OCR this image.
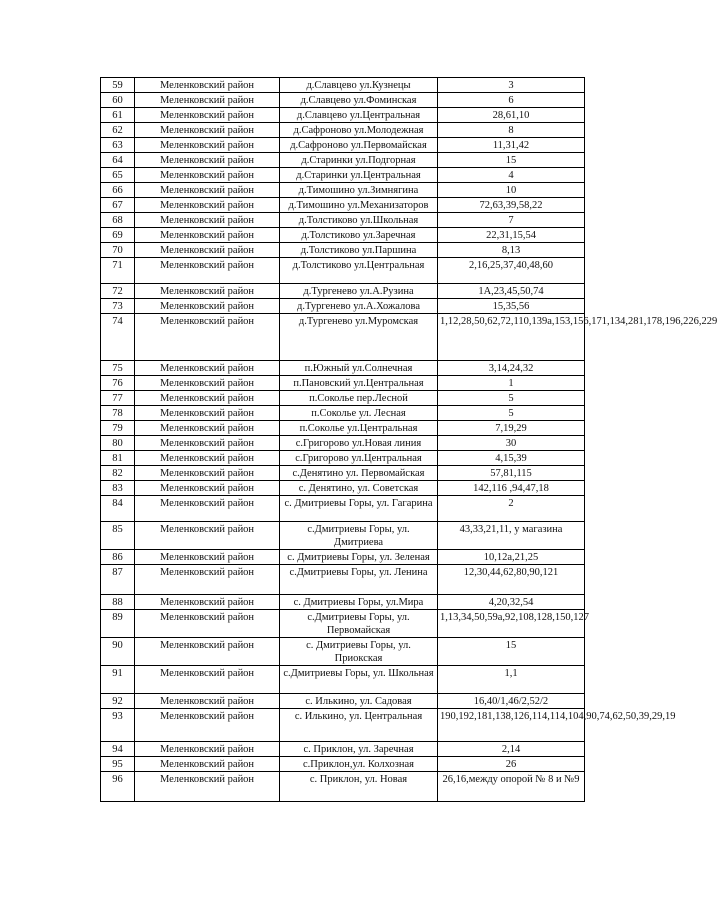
59	Меленковский район	д.Славцево ул.Кузнецы	3
60	Меленковский район	д.Славцево ул.Фоминская	6
61	Меленковский район	д.Славцево ул.Центральная	28,61,10
62	Меленковский район	д.Сафроново ул.Молодежная	8
63	Меленковский район	д.Сафроново ул.Первомайская	11,31,42
64	Меленковский район	д.Старинки ул.Подгорная	15
65	Меленковский район	д.Старинки ул.Центральная	4
66	Меленковский район	д.Тимошино ул.Зимнягина	10
67	Меленковский район	д.Тимошино ул.Механизаторов	72,63,39,58,22
68	Меленковский район	д.Толстиково ул.Школьная	7
69	Меленковский район	д.Толстиково ул.Заречная	22,31,15,54
70	Меленковский район	д.Толстиково ул.Паршина	8,13
71	Меленковский район	д.Толстиково ул.Центральная	2,16,25,37,40,48,60
72	Меленковский район	д.Тургенево ул.А.Рузина	1А,23,45,50,74
73	Меленковский район	д.Тургенево ул.А.Хожалова	15,35,56
74	Меленковский район	д.Тургенево ул.Муромская	1,12,28,50,62,72,110,139а,153,156,171,134,281,178,196,226,229
75	Меленковский район	п.Южный ул.Солнечная	3,14,24,32
76	Меленковский район	п.Пановский ул.Центральная	1
77	Меленковский район	п.Соколье пер.Лесной	5
78	Меленковский район	п.Соколье ул. Лесная	5
79	Меленковский район	п.Соколье ул.Центральная	7,19,29
80	Меленковский район	с.Григорово ул.Новая линия	30
81	Меленковский район	с.Григорово ул.Центральная	4,15,39
82	Меленковский район	с.Денятино ул. Первомайская	57,81,115
83	Меленковский район	с. Денятино, ул. Советская	142,116 ,94,47,18
84	Меленковский район	с. Дмитриевы Горы, ул. Гагарина	2
85	Меленковский район	с.Дмитриевы Горы, ул. Дмитриева	43,33,21,11, у магазина
86	Меленковский район	с. Дмитриевы Горы, ул. Зеленая	10,12а,21,25
87	Меленковский район	с.Дмитриевы Горы, ул. Ленина	12,30,44,62,80,90,121
88	Меленковский район	с. Дмитриевы Горы, ул.Мира	4,20,32,54
89	Меленковский район	с.Дмитриевы Горы, ул. Первомайская	1,13,34,50,59а,92,108,128,150,127
90	Меленковский район	с. Дмитриевы Горы, ул. Приокская	15
91	Меленковский район	с.Дмитриевы Горы, ул. Школьная	1,1
92	Меленковский район	с. Илькино, ул. Садовая	16,40/1,46/2,52/2
93	Меленковский район	с. Илькино, ул. Центральная	190,192,181,138,126,114,114,104,90,74,62,50,39,29,19
94	Меленковский район	с. Приклон, ул. Заречная	2,14
95	Меленковский район	с.Приклон,ул. Колхозная	26
96	Меленковский район	с. Приклон, ул. Новая	26,16,между опорой № 8 и №9
